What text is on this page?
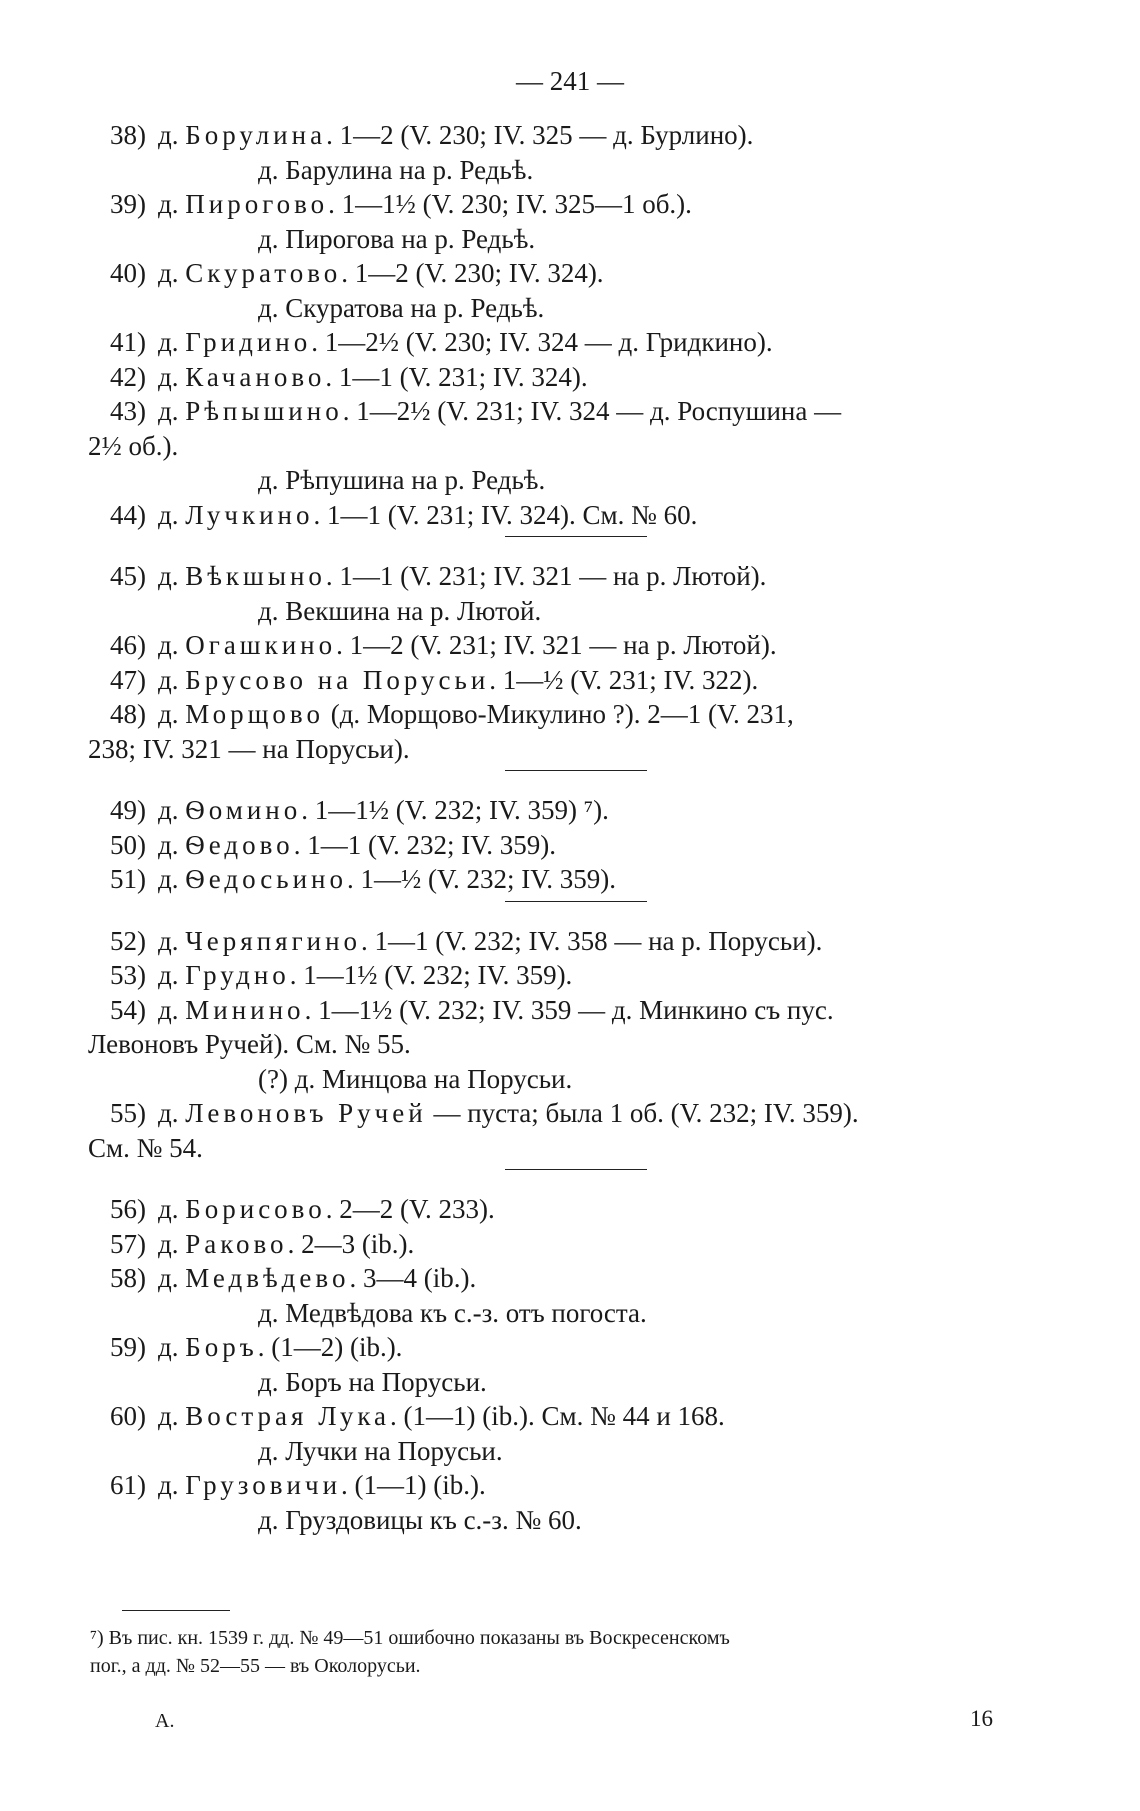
— 241 —
38) д. Борулина. 1—2 (V. 230; IV. 325 — д. Бурлино).
д. Барулина на р. Редьѣ.
39) д. Пирогово. 1—1½ (V. 230; IV. 325—1 об.).
д. Пирогова на р. Редьѣ.
40) д. Скуратово. 1—2 (V. 230; IV. 324).
д. Скуратова на р. Редьѣ.
41) д. Гридино. 1—2½ (V. 230; IV. 324 — д. Гридкино).
42) д. Качаново. 1—1 (V. 231; IV. 324).
43) д. Рѣпышино. 1—2½ (V. 231; IV. 324 — д. Роспушина —
2½ об.).
д. Рѣпушина на р. Редьѣ.
44) д. Лучкино. 1—1 (V. 231; IV. 324). См. № 60.
45) д. Вѣкшыно. 1—1 (V. 231; IV. 321 — на р. Лютой).
д. Векшина на р. Лютой.
46) д. Огашкино. 1—2 (V. 231; IV. 321 — на р. Лютой).
47) д. Брусово на Порусьи. 1—½ (V. 231; IV. 322).
48) д. Морщово (д. Морщово-Микулино ?). 2—1 (V. 231,
238; IV. 321 — на Порусьи).
49) д. Ѳомино. 1—1½ (V. 232; IV. 359) ⁷).
50) д. Ѳедово. 1—1 (V. 232; IV. 359).
51) д. Ѳедосьино. 1—½ (V. 232; IV. 359).
52) д. Черяпягино. 1—1 (V. 232; IV. 358 — на р. Порусьи).
53) д. Грудно. 1—1½ (V. 232; IV. 359).
54) д. Минино. 1—1½ (V. 232; IV. 359 — д. Минкино съ пус.
Левоновъ Ручей). См. № 55.
(?) д. Минцова на Порусьи.
55) д. Левоновъ Ручей — пуста; была 1 об. (V. 232; IV. 359).
См. № 54.
56) д. Борисово. 2—2 (V. 233).
57) д. Раково. 2—3 (ib.).
58) д. Медвѣдево. 3—4 (ib.).
д. Медвѣдова къ с.-з. отъ погоста.
59) д. Боръ. (1—2) (ib.).
д. Боръ на Порусьи.
60) д. Вострая Лука. (1—1) (ib.). См. № 44 и 168.
д. Лучки на Порусьи.
61) д. Грузовичи. (1—1) (ib.).
д. Груздовицы къ с.-з. № 60.
⁷) Въ пис. кн. 1539 г. дд. № 49—51 ошибочно показаны въ Воскресенскомъ
пог., а дд. № 52—55 — въ Околорусьи.
А.	16
